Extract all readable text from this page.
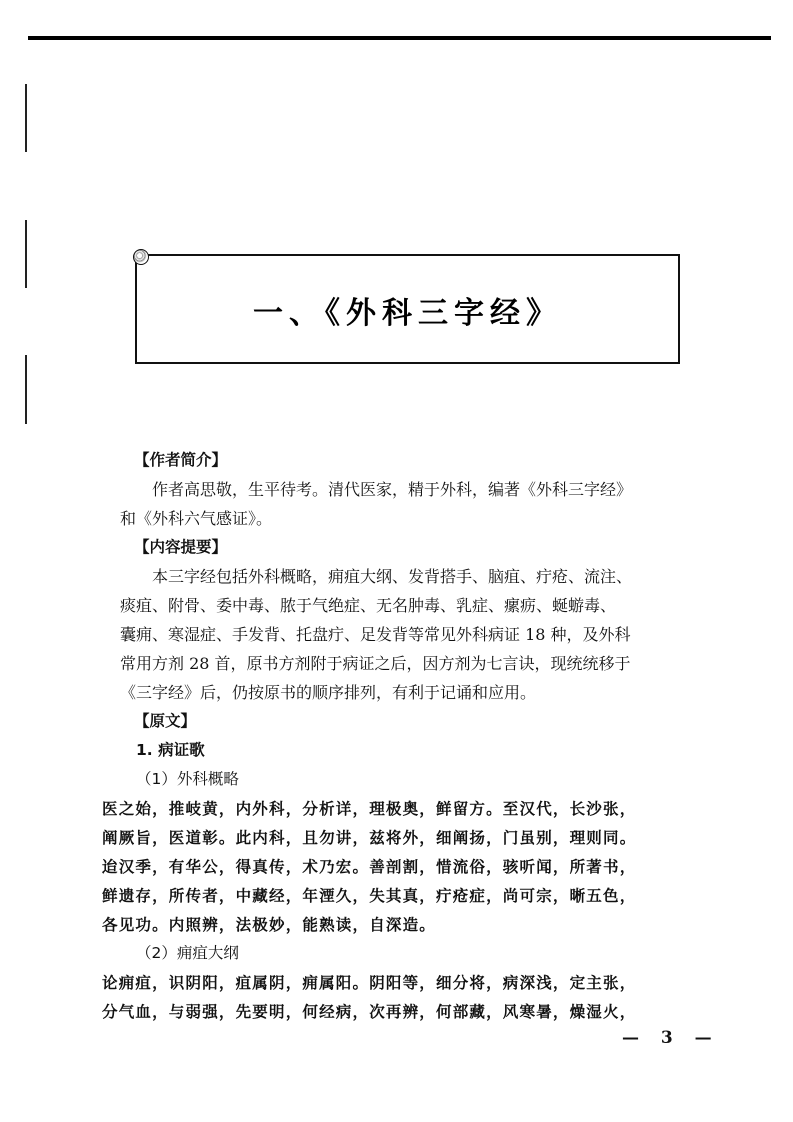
一、《外科三字经》
【作者简介】
作者高思敬，生平待考。清代医家，精于外科，编著《外科三字经》
和《外科六气感证》。
【内容提要】
本三字经包括外科概略，痈疽大纲、发背搭手、脑疽、疔疮、流注、
痰疽、附骨、委中毒、脓于气绝症、无名肿毒、乳症、瘰疬、蜒蝣毒、
囊痈、寒湿症、手发背、托盘疔、足发背等常见外科病证 18 种，及外科
常用方剂 28 首，原书方剂附于病证之后，因方剂为七言诀，现统统移于
《三字经》后，仍按原书的顺序排列，有利于记诵和应用。
【原文】
1. 病证歌
（1）外科概略
医之始，推岐黄，内外科，分析详，理极奥，鲜留方。至汉代，长沙张，
阐厥旨，医道彰。此内科，且勿讲，兹将外，细阐扬，门虽别，理则同。
迨汉季，有华公，得真传，术乃宏。善剖割，惜流俗，骇听闻，所著书，
鲜遗存，所传者，中藏经，年湮久，失其真，疔疮症，尚可宗，晰五色，
各见功。内照辨，法极妙，能熟读，自深造。
（2）痈疽大纲
论痈疽，识阴阳，疽属阴，痈属阳。阴阳等，细分将，病深浅，定主张，
分气血，与弱强，先要明，何经病，次再辨，何部藏，风寒暑，燥湿火，
— 3 —
